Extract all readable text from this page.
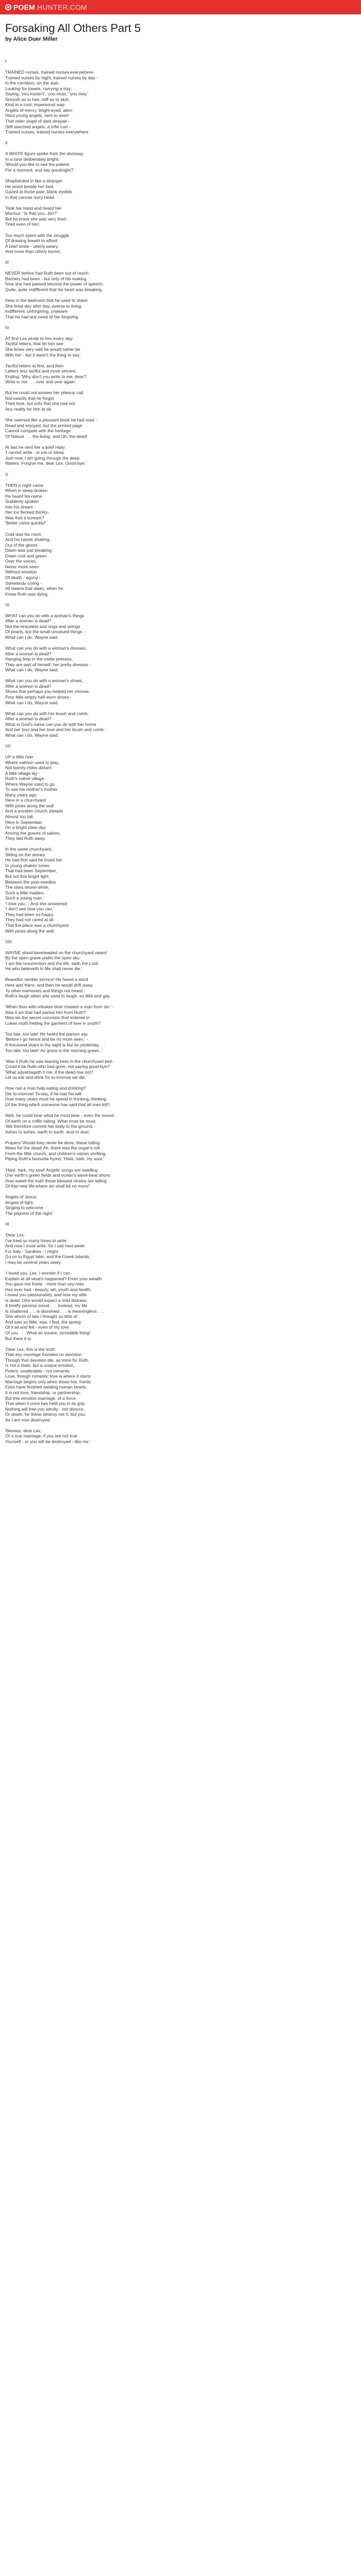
POEM HUNTER.COM
Forsaking All Others Part 5
by Alice Duer Miller
I
TRAINED nurses, trained nurses everywhere-
Trained nurses by night, trained nurses by day -
In the corridors, on the stair,
Looking for towels, carrying a tray;
Saying, 'you mustn't', 'you must,' 'you may.'
Smooth as to hair, stiff as to skirt;
Kind in a cool, impersonal way-
Angels of mercy, bright-eyed, alert,
Hard young angels, sent to avert
That older angel of dark despair -
Stiff starched angels, a trifle curt -
Trained nurses, trained nurses everywhere.
II
A WHITE figure spoke from the doorway
In a tone deliberately bright:
'Would you like to see the patient
For a moment, and say goodnight?'
Shepherded in like a stranger
He stood beside her bed,
Gazed at those pale, blank eyelids
In that canvas ivory head.
Took her hand and heard her
Murmur: "Is that you, Jim?"
But he knew she was very tired -
Tired even of him.
Too much spent with the struggle
Of drawing breath to afford
A brief smile - utterly weary,
And more than utterly bored.
III
NEVER before had Ruth been out of reach-
Barriers had been - but only of his making.
Now she had passed beyond the power of speech,
Quite, quite indifferent that his heart was breaking.
Here in the bedroom that he used to share
She lived day after day, averse to living,
Indifferent, unforgiving, unaware
That he had any need of her forgiving.
IV
AT first Lex wrote to him every day:
Tactful letters, that let him see
She knew very well he would rather be
With her - but it wasn't the thing to say:
Tactful letters at first, and then
Letters less tactful and more sincere,
Ending: 'Why don't you write to me, dear?'
Write to me . . . over and over again.
But he could not answer her piteous call,
Not exactly that he forgot
Their love, but only that she had not
Any reality for him at all.
She seemed like a pleasant book he had read -
Read and enjoyed; but the printed page
Cannot compete with the heritage
Of Nature . . . the living, and Oh, the dead!
At last he sent her a brief reply:
'I cannot write - or eat or sleep
Just now. I am going through the deep
Waters. Forgive me, dear Lex. Good-bye.'
V
THEN a night came
When in sleep broken
He heard his name
Suddenly spoken
Into his dream -
Her ice flecked thickly-
Was that a scream?
'Better come quickly!'
Cold was his room
And his hands shaking;
Out of the gloom
Dawn was just breaking;
Down cool and green
Over the voices,
Never more seen
Without emotion
Of death - agony -
Somebody crying -
All dawns that dawn, when he
Knew Ruth was dying.
VI
WHAT can you do with a woman's things
After a woman is dead?
Not the bracelets and rings and strings
Of pearls, but the small unvalued things -
What can I do, Wayne said.
What can you do with a woman's dresses,
After a woman is dead?
Hanging limp in the cedar presses,
They are part of herself, her pretty dresses -
What can I do, Wayne said.
What can you do with a woman's shoes,
After a woman is dead?
Shoes that perhaps you helped her choose,
Poor little empty half-worn shoes -
What can I do, Wayne said.
What can you do with her brush and comb,
After a woman is dead?
What in God's name can you do with her home
And her loss and her love and her brush and comb -
What can I do, Wayne said.
VII
UP a little river
Where salmon used to play,
Not twenty miles distant
A little village lay -
Ruth's native village,
Where Wayne used to go
To see his mother's mother
Many years ago.
Here in a churchyard
With pines along the wall
And a wooden church steeple
Almost too tall,
Here in September,
On a bright clear day
Among the graves of sailors,
They laid Ruth away.
In the same churchyard,
Sitting on the stones,
He had first said he loved her
In young shaken tones
That had been September,
But not this bright light,
Between the pine-needles
The stars shone white;
Such a little maiden,
Such a young man -
'I love you.' - And she answered:
'I don't see how you can.'
They had been so happy
They had not cared at all
That the place was a churchyard
With pines along the wall.
VIII
WAYNE stood bareheaded on the churchyard sward
By the open grave under the open sky:
'I am the resurrection and the life, saith the Lord,
He who believeth in Me shall never die.'
Beautiful, terrible service! He heard a word
Here and there, and then he would drift away
To other memories and things not heard -
Ruth's laugh when she used to laugh, so little and gay.
'When thou with rebukes dost chasten a man from sin.' -
Was it sin that had parted him from Ruth?
Was sin the secret corrosion that entered in
Lukea moth fretting the garment of love in youth?
Too late, too late! He heard the parson say
'Before I go hence and be no more seen.' -
A thousand years in thy sight is but as yesterday. . .
Too late, too late!' As grass in the morning green...'
'Was it Ruth he was leaving here in the churchyard plot-
Could it be Ruth who had gone, not saying good-bye?
'What advantageth it me, if the dead rise not?
Let us eat and drink for to-morrow we die.'
How can a man help eating and drinking?
Die to-morrow! To-day, if he had his will.
How many years must he spend in thinking, thinking
Of the thing which someone has said that all men kill?
Well, he could bear what he must bear - even the sound
Of earth on a coffin falling. What must be must.
'We therefore commit her body to the ground,
Ashes to ashes, earth to earth, dust to dust.'
Prayers! Would they never be done, these tolling
Waes for the dead! Ah, there was the organ's roll
From the little church, and children's voices shrilling,
Piping Ruth's favourite hymn, 'Hark, hark, my soul.'
'Hark, hark, my soul! Angelic songs are swelling
O'er earth's green fields and ocean's wave-beat shore;
How sweet the truth those blessed strains are telling
Of that new life where sin shall be no more!'
Angels of Jesus,
Angels of light,
Singing to welcome
The pilgrims of the night.'
IX
'Dear Lex -
I've tried so many times to write,
And now I must write, for I sail next week
For Italy - Sardinia - I might
Go on to Egypt later, and the Greek Islands.
I may be several years away.
'I loved you, Lex. I wonder if I can
Explain at all what's happened? From your wealth
You gave me freely - more than any man
Has ever had - beauty, wit, youth and health.
I loved you passionately, and now my wife
Is dead. One would expect a mild distress,
A briefly pensive mood . . . Instead, my life
Is shattered . . . is dissolved . . . is meaningless . . .
She whom of late I thought so little of
And saw so little, was, I find, the spring -
Of it all and felt - even of my love
Of you . . . What an insane, incredible thing!
But there it is.
'Dear Lex, this is the truth:
That any marriage founded on devotion
Though that devotion die, as mine for Ruth,
Is not a state, but a unique emotion,
Potent, unalterable - not romantic
Love, though romantic love is where it starts
Marriage begins only when those hot, frantic
Fires have finished welding human hearts.
It is not love, friendship, or partnership,
But this emotion marriage, of a force
That when it once has held you in its grip
Nothing will free you wholly - not divorce,
Or death, for these destroy not it, but you.
As I am now destroyed.
'Beware, dear Lex,
Of a true marriage; if you are not true
Yourself - or you will be destroyed - like me.'
